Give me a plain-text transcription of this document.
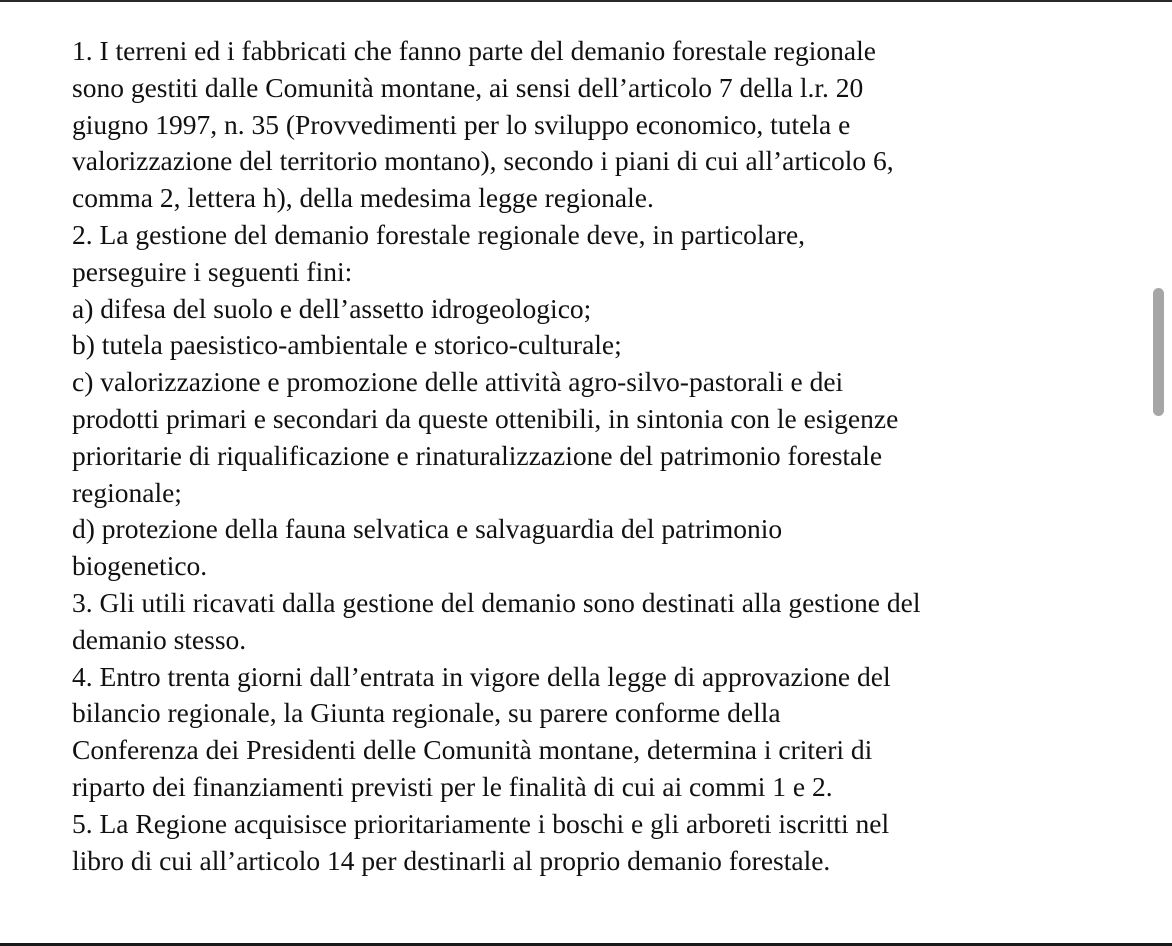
1. I terreni ed i fabbricati che fanno parte del demanio forestale regionale
sono gestiti dalle Comunità montane, ai sensi dell’articolo 7 della l.r. 20
giugno 1997, n. 35 (Provvedimenti per lo sviluppo economico, tutela e
valorizzazione del territorio montano), secondo i piani di cui all’articolo 6,
comma 2, lettera h), della medesima legge regionale.
2. La gestione del demanio forestale regionale deve, in particolare,
perseguire i seguenti fini:
a) difesa del suolo e dell’assetto idrogeologico;
b) tutela paesistico-ambientale e storico-culturale;
c) valorizzazione e promozione delle attività agro-silvo-pastorali e dei
prodotti primari e secondari da queste ottenibili, in sintonia con le esigenze
prioritarie di riqualificazione e rinaturalizzazione del patrimonio forestale
regionale;
d) protezione della fauna selvatica e salvaguardia del patrimonio
biogenetico.
3. Gli utili ricavati dalla gestione del demanio sono destinati alla gestione del
demanio stesso.
4. Entro trenta giorni dall’entrata in vigore della legge di approvazione del
bilancio regionale, la Giunta regionale, su parere conforme della
Conferenza dei Presidenti delle Comunità montane, determina i criteri di
riparto dei finanziamenti previsti per le finalità di cui ai commi 1 e 2.
5. La Regione acquisisce prioritariamente i boschi e gli arboreti iscritti nel
libro di cui all’articolo 14 per destinarli al proprio demanio forestale.
